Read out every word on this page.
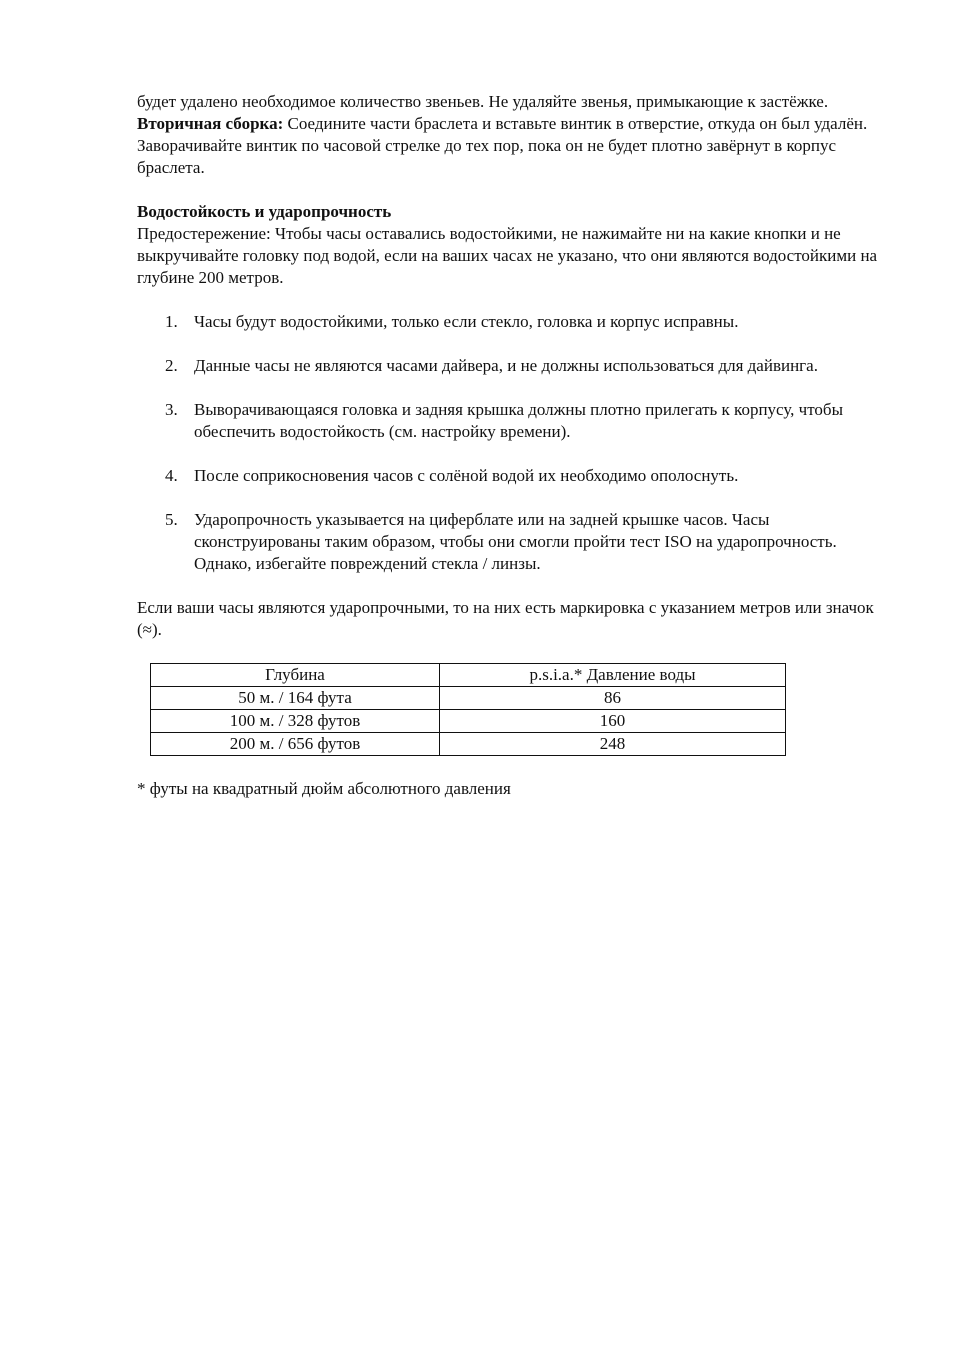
будет удалено необходимое количество звеньев. Не удаляйте звенья, примыкающие к застёжке.

Вторичная сборка: Соедините части браслета и вставьте винтик в отверстие, откуда он был удалён. Заворачивайте винтик по часовой стрелке до тех пор, пока он не будет плотно завёрнут в корпус браслета.

Водостойкость и ударопрочность

Предостережение: Чтобы часы оставались водостойкими, не нажимайте ни на какие кнопки и не выкручивайте головку под водой, если на ваших часах не указано, что они являются водостойкими на глубине 200 метров.

1. Часы будут водостойкими, только если стекло, головка и корпус исправны.
2. Данные часы не являются часами дайвера, и не должны использоваться для дайвинга.
3. Выворачивающаяся головка и задняя крышка должны плотно прилегать к корпусу, чтобы обеспечить водостойкость (см. настройку времени).
4. После соприкосновения часов с солёной водой их необходимо ополоснуть.
5. Ударопрочность указывается на циферблате или на задней крышке часов. Часы сконструированы таким образом, чтобы они смогли пройти тест ISO на ударопрочность. Однако, избегайте повреждений стекла / линзы.

Если ваши часы являются ударопрочными, то на них есть маркировка с указанием метров или значок (≈).

Глубина	p.s.i.a.* Давление воды
50 м. / 164 фута	86
100 м. / 328 футов	160
200 м. / 656 футов	248

* футы на квадратный дюйм абсолютного давления
